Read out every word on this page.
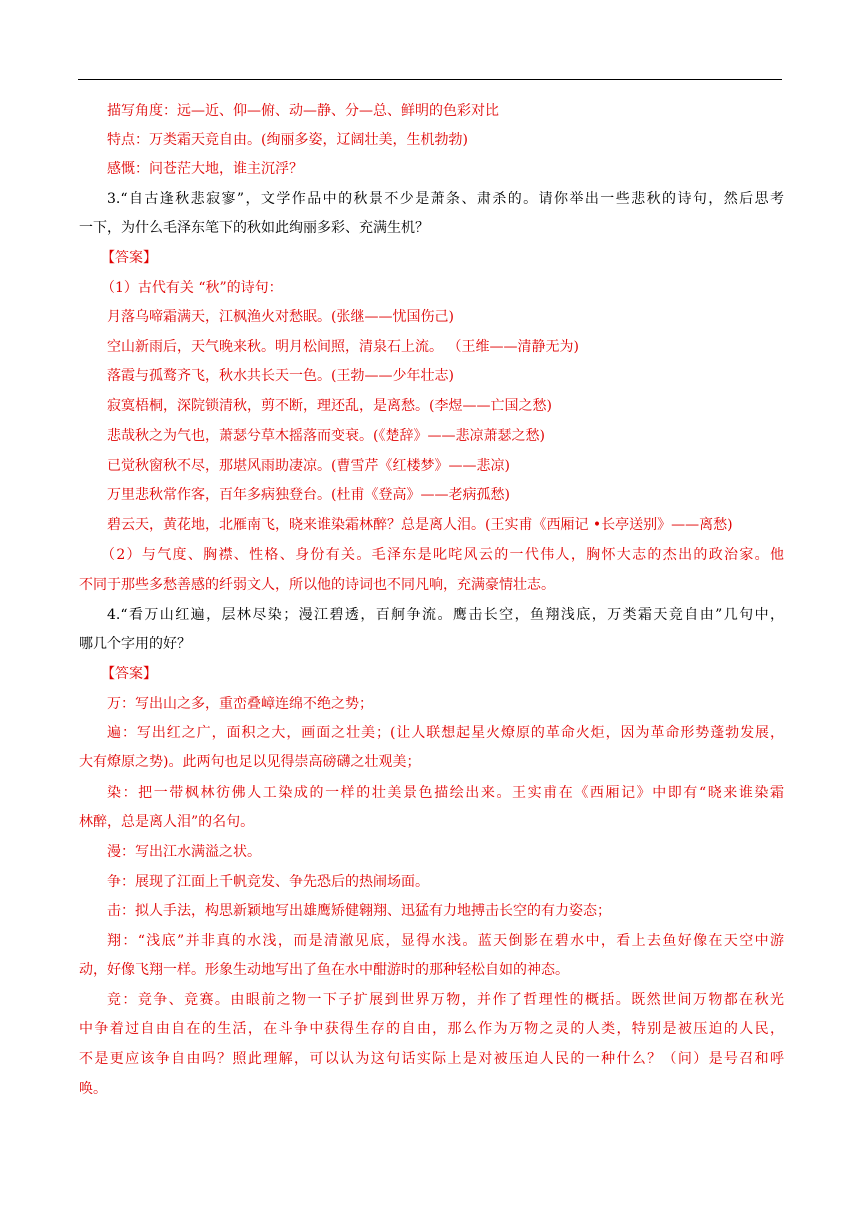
描写角度：远—近、仰—俯、动—静、分—总、鲜明的色彩对比
特点：万类霜天竞自由。(绚丽多姿，辽阔壮美，生机勃勃)
感慨：问苍茫大地，谁主沉浮？
3.“自古逢秋悲寂寥”，文学作品中的秋景不少是萧条、肃杀的。请你举出一些悲秋的诗句，然后思考
一下，为什么毛泽东笔下的秋如此绚丽多彩、充满生机？
【答案】
（1）古代有关 “秋”的诗句：
月落乌啼霜满天，江枫渔火对愁眠。(张继——忧国伤己)
空山新雨后，天气晚来秋。明月松间照，清泉石上流。 （王维——清静无为)
落霞与孤鹜齐飞，秋水共长天一色。(王勃——少年壮志)
寂寞梧桐，深院锁清秋，剪不断，理还乱，是离愁。(李煜——亡国之愁)
悲哉秋之为气也，萧瑟兮草木摇落而变衰。(《楚辞》——悲凉萧瑟之愁)
已觉秋窗秋不尽，那堪风雨助凄凉。(曹雪芹《红楼梦》——悲凉)
万里悲秋常作客，百年多病独登台。(杜甫《登高》——老病孤愁)
碧云天，黄花地，北雁南飞，晓来谁染霜林醉？总是离人泪。(王实甫《西厢记 •长亭送别》——离愁)
（2）与气度、胸襟、性格、身份有关。毛泽东是叱咤风云的一代伟人，胸怀大志的杰出的政治家。他
不同于那些多愁善感的纤弱文人，所以他的诗词也不同凡响，充满豪情壮志。
4.“看万山红遍，层林尽染；漫江碧透，百舸争流。鹰击长空，鱼翔浅底，万类霜天竞自由”几句中，
哪几个字用的好？
【答案】
万：写出山之多，重峦叠嶂连绵不绝之势；
遍：写出红之广，面积之大，画面之壮美；(让人联想起星火燎原的革命火炬，因为革命形势蓬勃发展，
大有燎原之势)。此两句也足以见得崇高磅礴之壮观美；
染：把一带枫林彷佛人工染成的一样的壮美景色描绘出来。王实甫在《西厢记》中即有“晓来谁染霜
林醉，总是离人泪”的名句。
漫：写出江水满溢之状。
争：展现了江面上千帆竞发、争先恐后的热闹场面。
击：拟人手法，构思新颖地写出雄鹰矫健翱翔、迅猛有力地搏击长空的有力姿态；
翔：“浅底”并非真的水浅，而是清澈见底，显得水浅。蓝天倒影在碧水中，看上去鱼好像在天空中游
动，好像飞翔一样。形象生动地写出了鱼在水中酣游时的那种轻松自如的神态。
竞：竞争、竞赛。由眼前之物一下子扩展到世界万物，并作了哲理性的概括。既然世间万物都在秋光
中争着过自由自在的生活，在斗争中获得生存的自由，那么作为万物之灵的人类，特别是被压迫的人民，
不是更应该争自由吗？照此理解，可以认为这句话实际上是对被压迫人民的一种什么？（问）是号召和呼
唤。
